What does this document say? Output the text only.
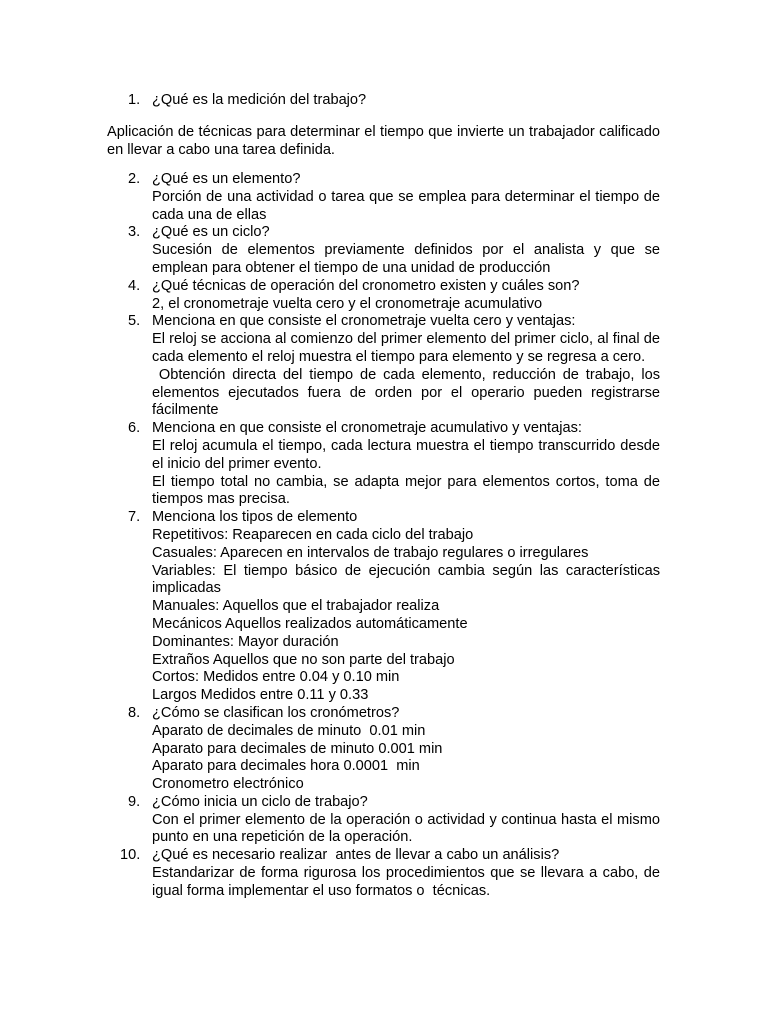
1. ¿Qué es la medición del trabajo?

Aplicación de técnicas para determinar el tiempo que invierte un trabajador calificado en llevar a cabo una tarea definida.

2. ¿Qué es un elemento?
Porción de una actividad o tarea que se emplea para determinar el tiempo de cada una de ellas
3. ¿Qué es un ciclo?
Sucesión de elementos previamente definidos por el analista y que se emplean para obtener el tiempo de una unidad de producción
4. ¿Qué técnicas de operación del cronometro existen y cuáles son?
2, el cronometraje vuelta cero y el cronometraje acumulativo
5. Menciona en que consiste el cronometraje vuelta cero y ventajas:
El reloj se acciona al comienzo del primer elemento del primer ciclo, al final de cada elemento el reloj muestra el tiempo para elemento y se regresa a cero.
Obtención directa del tiempo de cada elemento, reducción de trabajo, los elementos ejecutados fuera de orden por el operario pueden registrarse fácilmente
6. Menciona en que consiste el cronometraje acumulativo y ventajas:
El reloj acumula el tiempo, cada lectura muestra el tiempo transcurrido desde el inicio del primer evento.
El tiempo total no cambia, se adapta mejor para elementos cortos, toma de tiempos mas precisa.
7. Menciona los tipos de elemento
Repetitivos: Reaparecen en cada ciclo del trabajo
Casuales: Aparecen en intervalos de trabajo regulares o irregulares
Variables: El tiempo básico de ejecución cambia según las características implicadas
Manuales: Aquellos que el trabajador realiza
Mecánicos Aquellos realizados automáticamente
Dominantes: Mayor duración
Extraños Aquellos que no son parte del trabajo
Cortos: Medidos entre 0.04 y 0.10 min
Largos Medidos entre 0.11 y 0.33
8. ¿Cómo se clasifican los cronómetros?
Aparato de decimales de minuto  0.01 min
Aparato para decimales de minuto 0.001 min
Aparato para decimales hora 0.0001  min
Cronometro electrónico
9. ¿Cómo inicia un ciclo de trabajo?
Con el primer elemento de la operación o actividad y continua hasta el mismo punto en una repetición de la operación.
10. ¿Qué es necesario realizar  antes de llevar a cabo un análisis?
Estandarizar de forma rigurosa los procedimientos que se llevara a cabo, de igual forma implementar el uso formatos o  técnicas.
